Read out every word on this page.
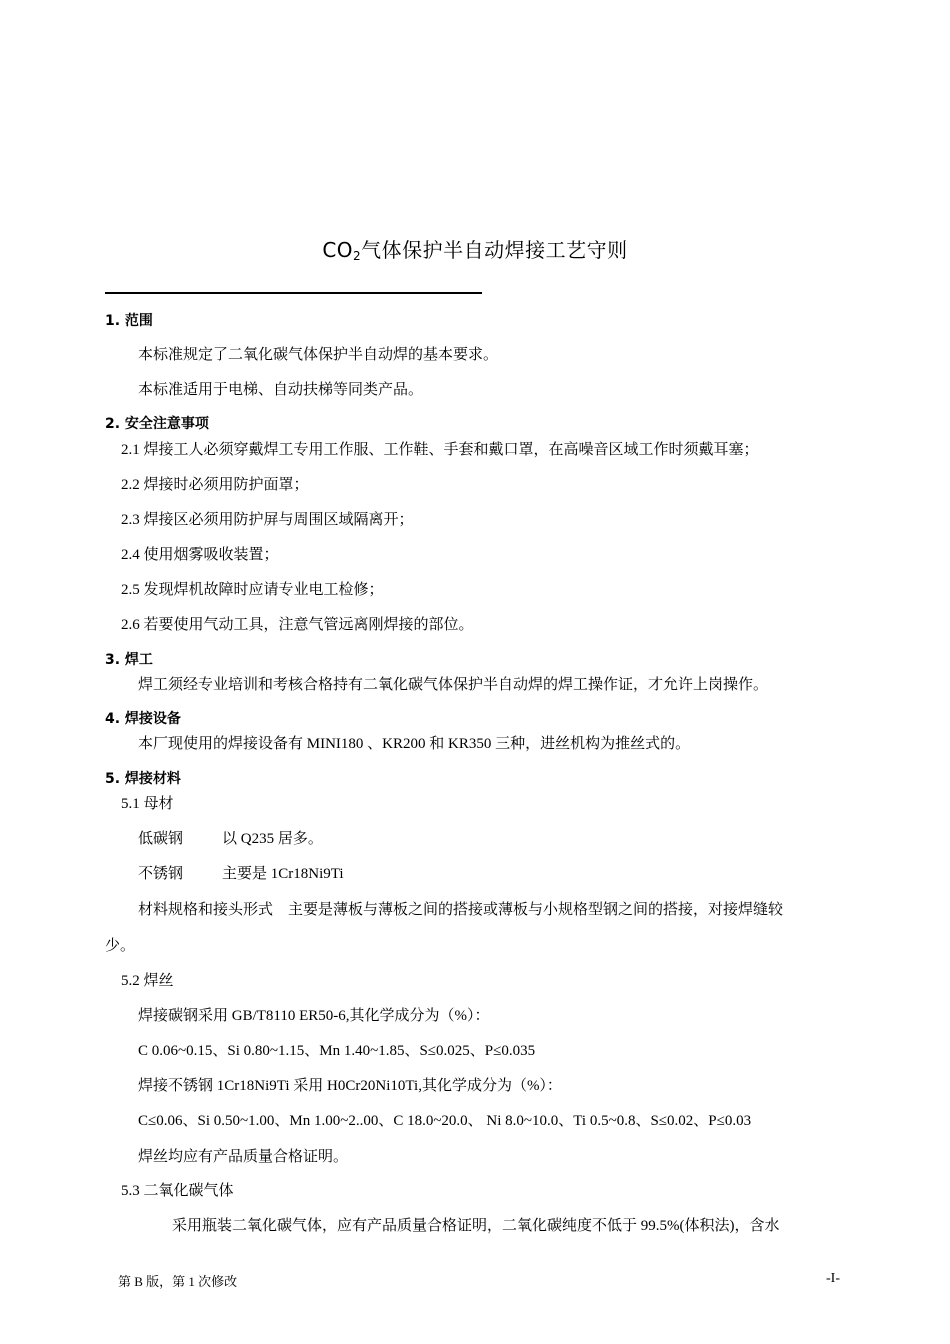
$CO_2$气体保护半自动焊接工艺守则
1. 范围
本标准规定了二氧化碳气体保护半自动焊的基本要求。
本标准适用于电梯、自动扶梯等同类产品。
2. 安全注意事项
2.1 焊接工人必须穿戴焊工专用工作服、工作鞋、手套和戴口罩，在高噪音区域工作时须戴耳塞；
2.2 焊接时必须用防护面罩；
2.3 焊接区必须用防护屏与周围区域隔离开；
2.4 使用烟雾吸收装置；
2.5 发现焊机故障时应请专业电工检修；
2.6 若要使用气动工具，注意气管远离刚焊接的部位。
3. 焊工
焊工须经专业培训和考核合格持有二氧化碳气体保护半自动焊的焊工操作证，才允许上岗操作。
4. 焊接设备
本厂现使用的焊接设备有 MINI180 、KR200 和 KR350 三种，进丝机构为推丝式的。
5. 焊接材料
5.1 母材
低碳钢	以 Q235 居多。
不锈钢	主要是 1Cr18Ni9Ti
材料规格和接头形式　主要是薄板与薄板之间的搭接或薄板与小规格型钢之间的搭接，对接焊缝较
少。
5.2 焊丝
焊接碳钢采用 GB/T8110 ER50-6,其化学成分为（%）：
C 0.06~0.15、Si 0.80~1.15、Mn 1.40~1.85、S≤0.025、P≤0.035
焊接不锈钢 1Cr18Ni9Ti 采用 H0Cr20Ni10Ti,其化学成分为（%）：
C≤0.06、Si 0.50~1.00、Mn 1.00~2..00、C 18.0~20.0、 Ni 8.0~10.0、Ti 0.5~0.8、S≤0.02、P≤0.03
焊丝均应有产品质量合格证明。
5.3 二氧化碳气体
采用瓶装二氧化碳气体，应有产品质量合格证明，二氧化碳纯度不低于 99.5%(体积法)，含水
第 B 版，第 1 次修改	-I-
